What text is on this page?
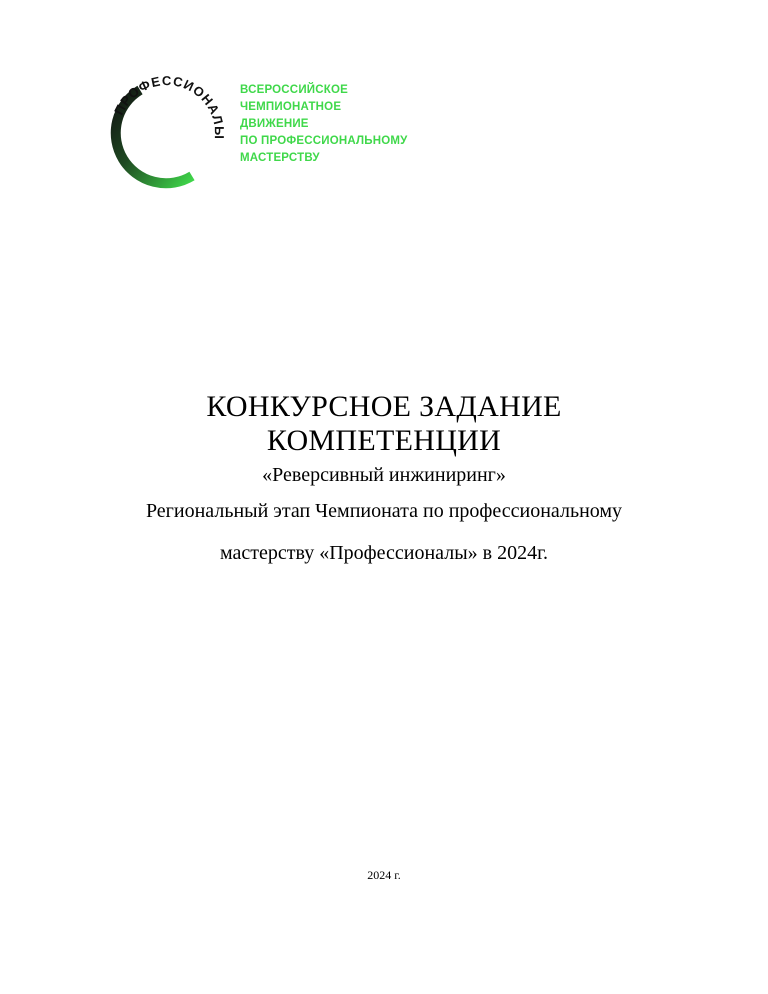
ПРОФЕССИОНАЛЫ
ВСЕРОССИЙСКОЕ
ЧЕМПИОНАТНОЕ
ДВИЖЕНИЕ
ПО ПРОФЕССИОНАЛЬНОМУ
МАСТЕРСТВУ
КОНКУРСНОЕ ЗАДАНИЕ
КОМПЕТЕНЦИИ
«Реверсивный инжиниринг»
Региональный этап Чемпионата по профессиональному
мастерству «Профессионалы» в 2024г.
2024 г.
